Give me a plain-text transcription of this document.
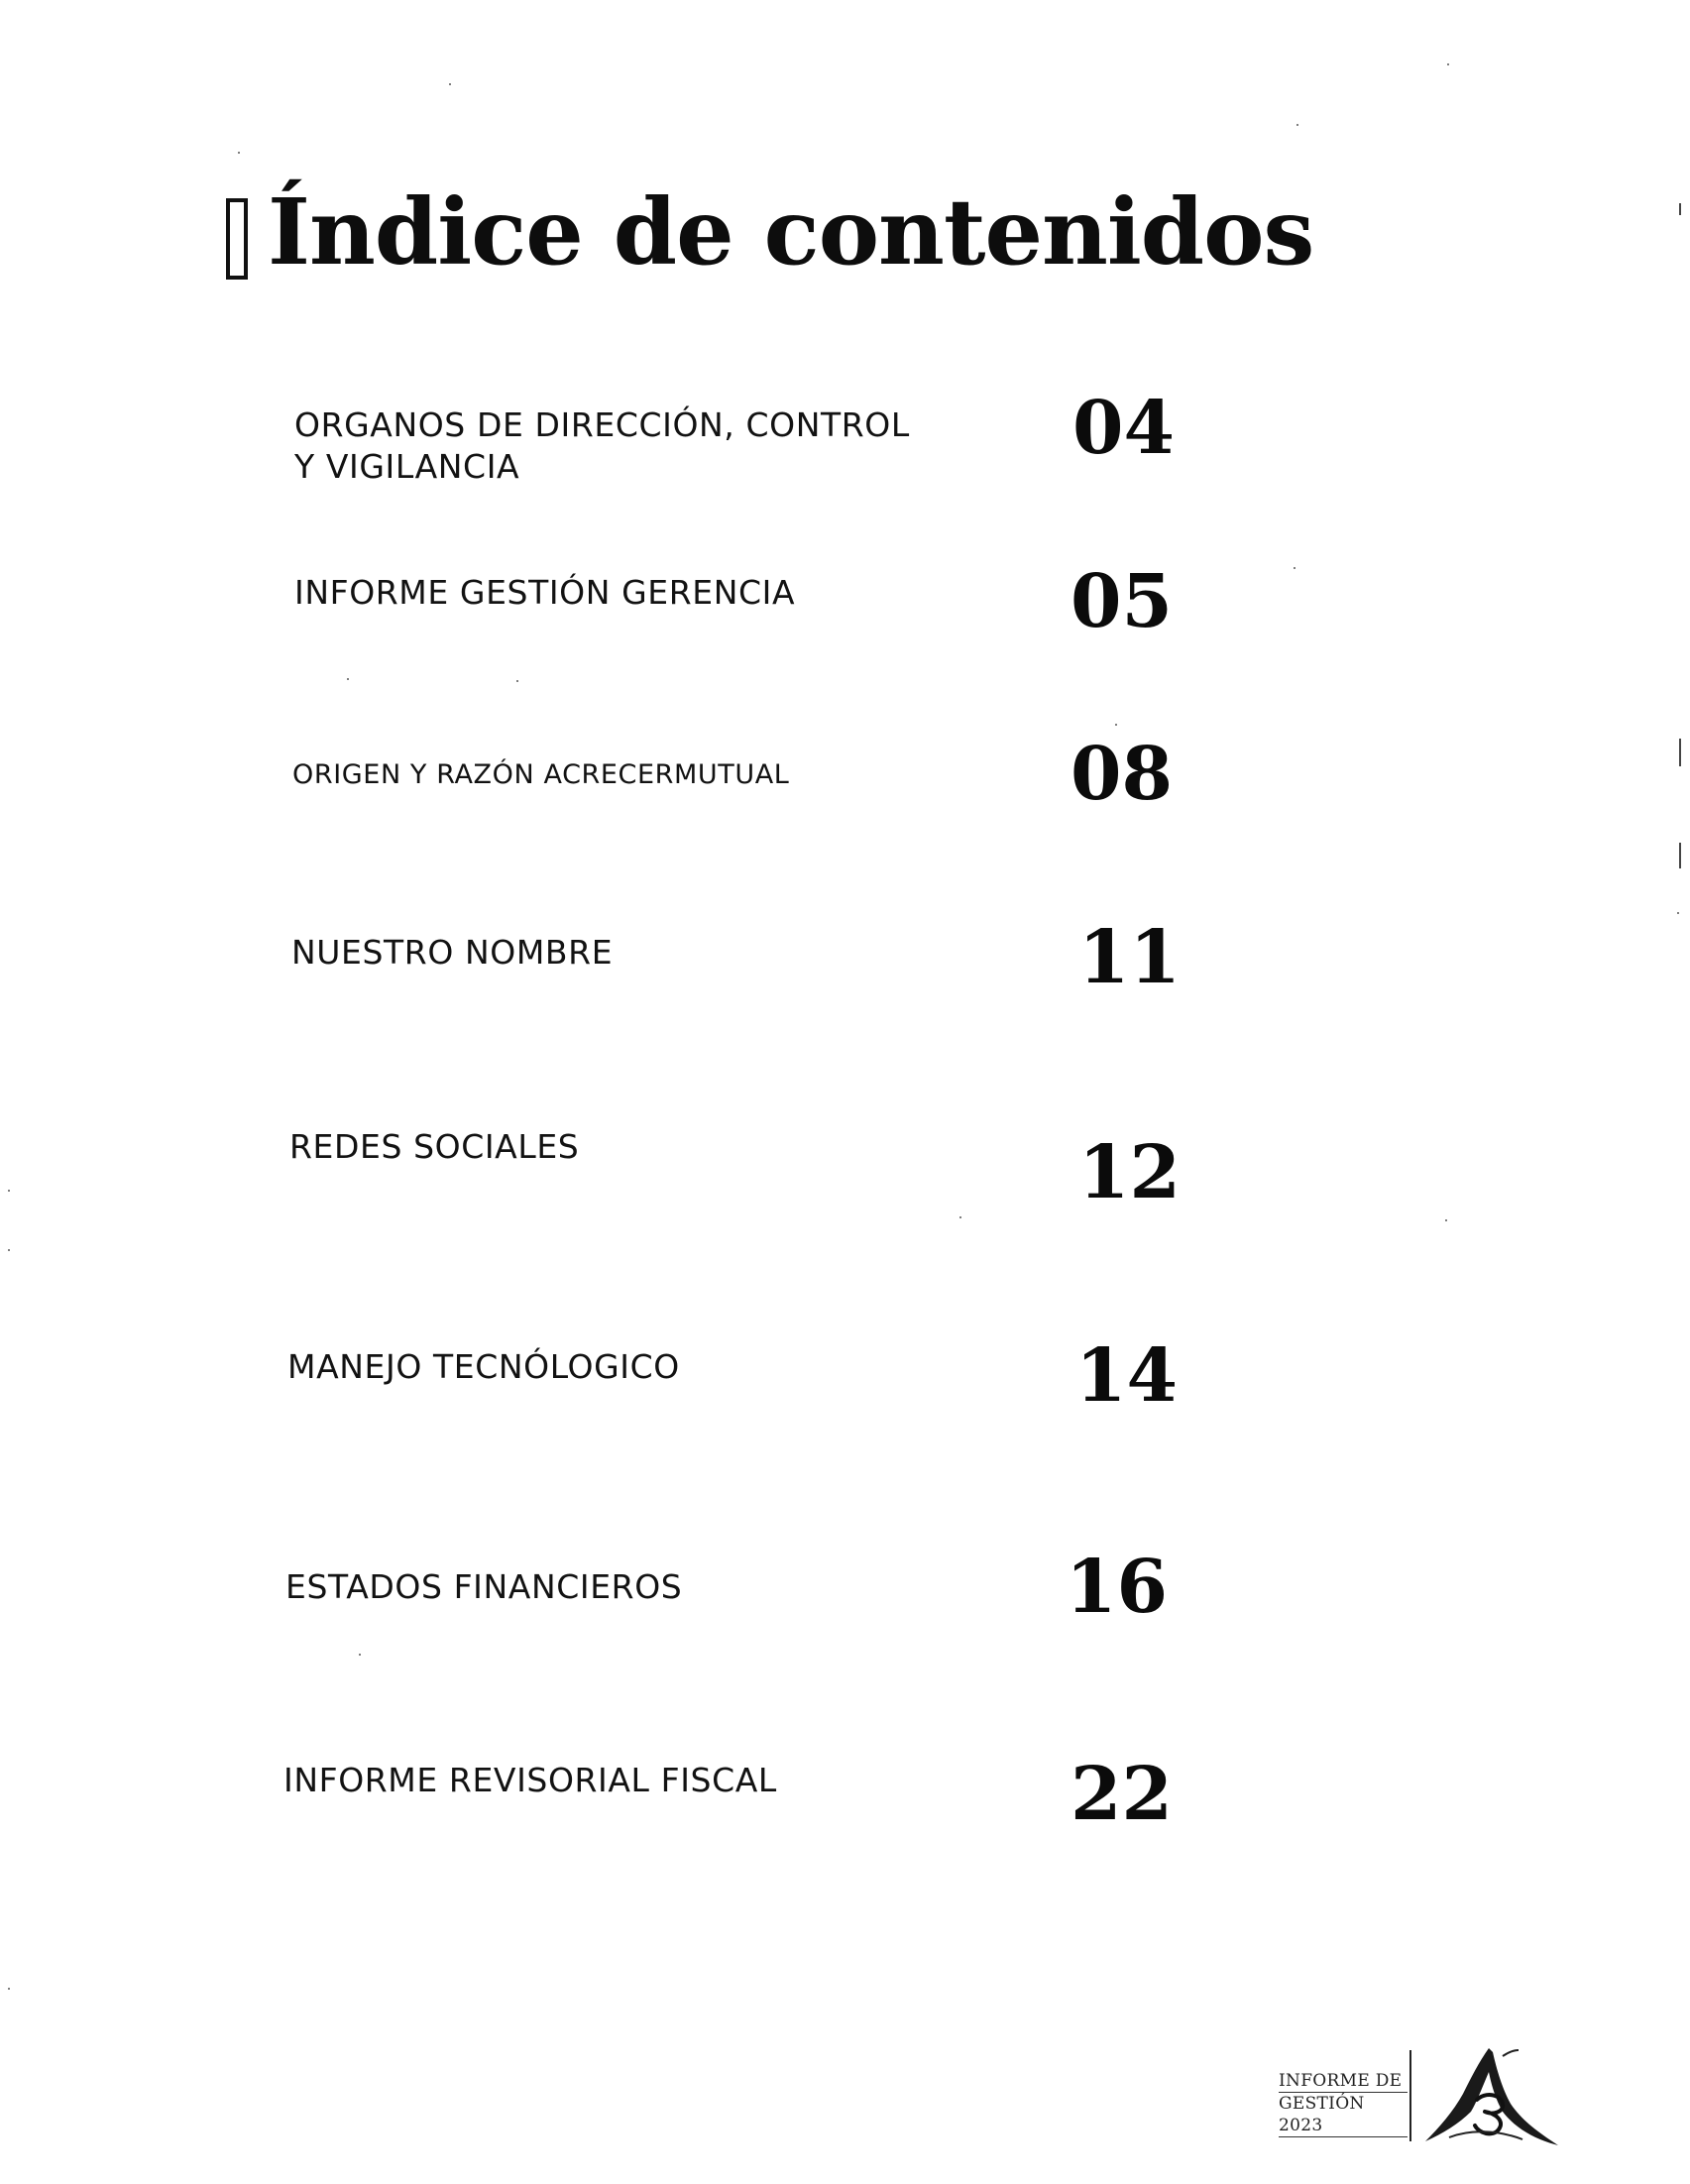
Índice de contenidos
ORGANOS DE DIRECCIÓN, CONTROL
Y VIGILANCIA	04
INFORME GESTIÓN GERENCIA	05
ORIGEN Y RAZÓN ACRECERMUTUAL	08
NUESTRO NOMBRE	11
REDES SOCIALES	12
MANEJO TECNÓLOGICO	14
ESTADOS FINANCIEROS	16
INFORME REVISORIAL FISCAL	22
INFORME DE
GESTIÓN 2023
